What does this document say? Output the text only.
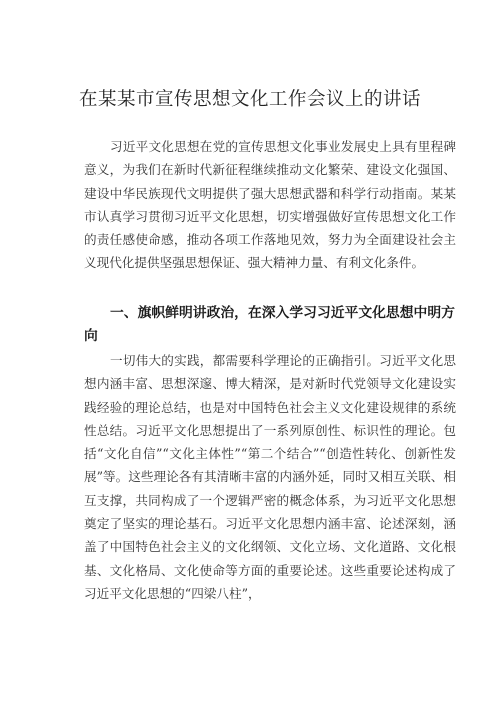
在某某市宣传思想文化工作会议上的讲话

习近平文化思想在党的宣传思想文化事业发展史上具有里程碑意义，为我们在新时代新征程继续推动文化繁荣、建设文化强国、建设中华民族现代文明提供了强大思想武器和科学行动指南。某某市认真学习贯彻习近平文化思想，切实增强做好宣传思想文化工作的责任感使命感，推动各项工作落地见效，努力为全面建设社会主义现代化提供坚强思想保证、强大精神力量、有利文化条件。

一、旗帜鲜明讲政治，在深入学习习近平文化思想中明方向

一切伟大的实践，都需要科学理论的正确指引。习近平文化思想内涵丰富、思想深邃、博大精深，是对新时代党领导文化建设实践经验的理论总结，也是对中国特色社会主义文化建设规律的系统性总结。习近平文化思想提出了一系列原创性、标识性的理论。包括“文化自信”“文化主体性”“第二个结合”“创造性转化、创新性发展”等。这些理论各有其清晰丰富的内涵外延，同时又相互关联、相互支撑，共同构成了一个逻辑严密的概念体系，为习近平文化思想奠定了坚实的理论基石。习近平文化思想内涵丰富、论述深刻，涵盖了中国特色社会主义的文化纲领、文化立场、文化道路、文化根基、文化格局、文化使命等方面的重要论述。这些重要论述构成了习近平文化思想的“四梁八柱”，
